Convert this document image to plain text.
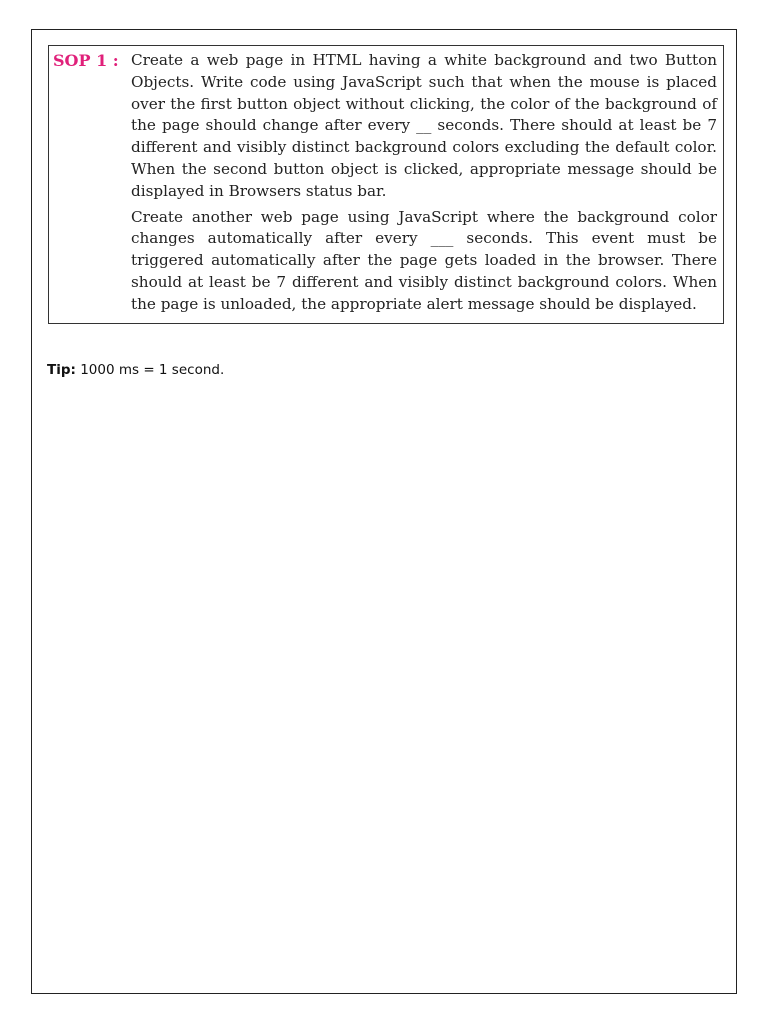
SOP 1 : Create a web page in HTML having a white background and two Button Objects. Write code using JavaScript such that when the mouse is placed over the first button object without clicking, the color of the background of the page should change after every __ seconds. There should at least be 7 different and visibly distinct background colors excluding the default color. When the second button object is clicked, appropriate message should be displayed in Browsers status bar.

Create another web page using JavaScript where the background color changes automatically after every ___ seconds. This event must be triggered automatically after the page gets loaded in the browser. There should at least be 7 different and visibly distinct background colors. When the page is unloaded, the appropriate alert message should be displayed.

Tip: 1000 ms = 1 second.
